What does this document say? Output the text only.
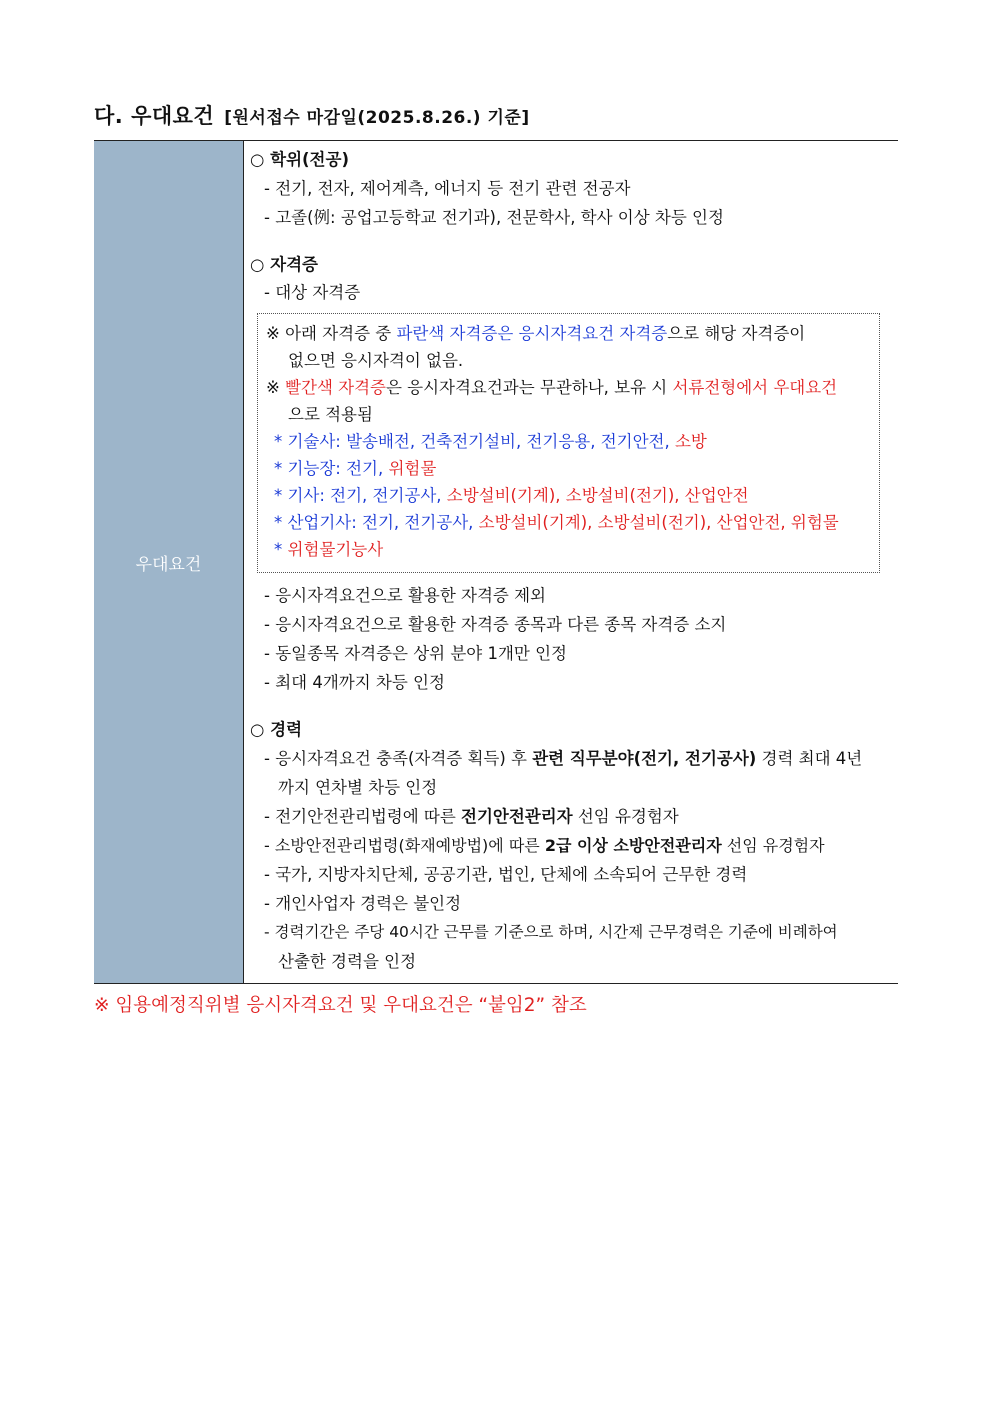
다. 우대요건 [원서접수 마감일(2025.8.26.) 기준]
우대요건
○ 학위(전공)
- 전기, 전자, 제어계측, 에너지 등 전기 관련 전공자
- 고졸(例: 공업고등학교 전기과), 전문학사, 학사 이상 차등 인정
○ 자격증
- 대상 자격증
※ 아래 자격증 중 파란색 자격증은 응시자격요건 자격증으로 해당 자격증이
없으면 응시자격이 없음.
※ 빨간색 자격증은 응시자격요건과는 무관하나, 보유 시 서류전형에서 우대요건
으로 적용됨
* 기술사: 발송배전, 건축전기설비, 전기응용, 전기안전, 소방
* 기능장: 전기, 위험물
* 기사: 전기, 전기공사, 소방설비(기계), 소방설비(전기), 산업안전
* 산업기사: 전기, 전기공사, 소방설비(기계), 소방설비(전기), 산업안전, 위험물
* 위험물기능사
- 응시자격요건으로 활용한 자격증 제외
- 응시자격요건으로 활용한 자격증 종목과 다른 종목 자격증 소지
- 동일종목 자격증은 상위 분야 1개만 인정
- 최대 4개까지 차등 인정
○ 경력
- 응시자격요건 충족(자격증 획득) 후 관련 직무분야(전기, 전기공사) 경력 최대 4년
까지 연차별 차등 인정
- 전기안전관리법령에 따른 전기안전관리자 선임 유경험자
- 소방안전관리법령(화재예방법)에 따른 2급 이상 소방안전관리자 선임 유경험자
- 국가, 지방자치단체, 공공기관, 법인, 단체에 소속되어 근무한 경력
- 개인사업자 경력은 불인정
- 경력기간은 주당 40시간 근무를 기준으로 하며, 시간제 근무경력은 기준에 비례하여
산출한 경력을 인정
※ 임용예정직위별 응시자격요건 및 우대요건은 “붙임2” 참조
